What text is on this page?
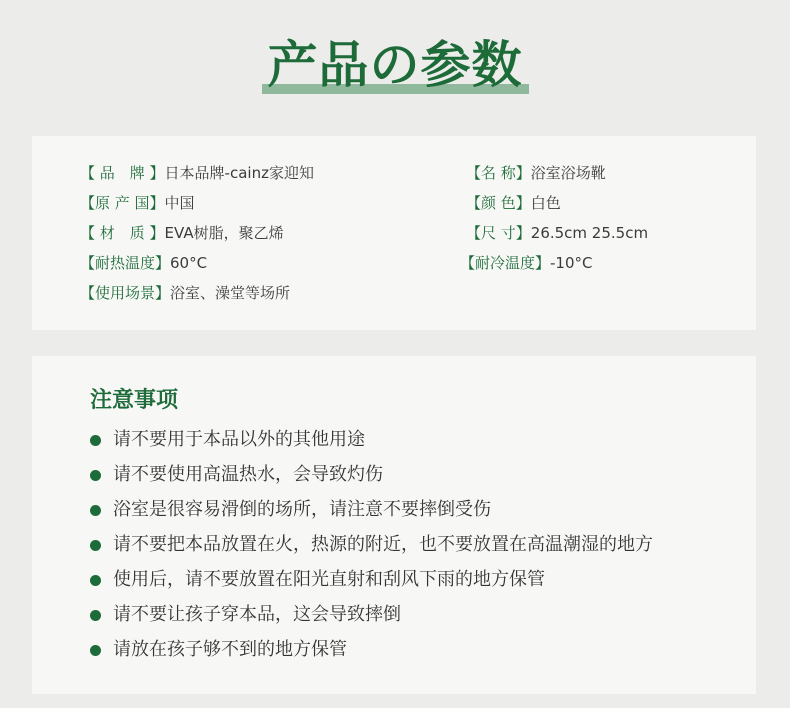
产品の参数
【 品　牌 】日本品牌-cainz家迎知
【原 产 国】中国
【 材　质 】EVA树脂，聚乙烯
【耐热温度】60°C
【使用场景】浴室、澡堂等场所
【名 称】浴室浴场靴
【颜 色】白色
【尺 寸】26.5cm 25.5cm
【耐冷温度】-10°C
注意事项
请不要用于本品以外的其他用途
请不要使用高温热水，会导致灼伤
浴室是很容易滑倒的场所，请注意不要摔倒受伤
请不要把本品放置在火，热源的附近，也不要放置在高温潮湿的地方
使用后，请不要放置在阳光直射和刮风下雨的地方保管
请不要让孩子穿本品，这会导致摔倒
请放在孩子够不到的地方保管
